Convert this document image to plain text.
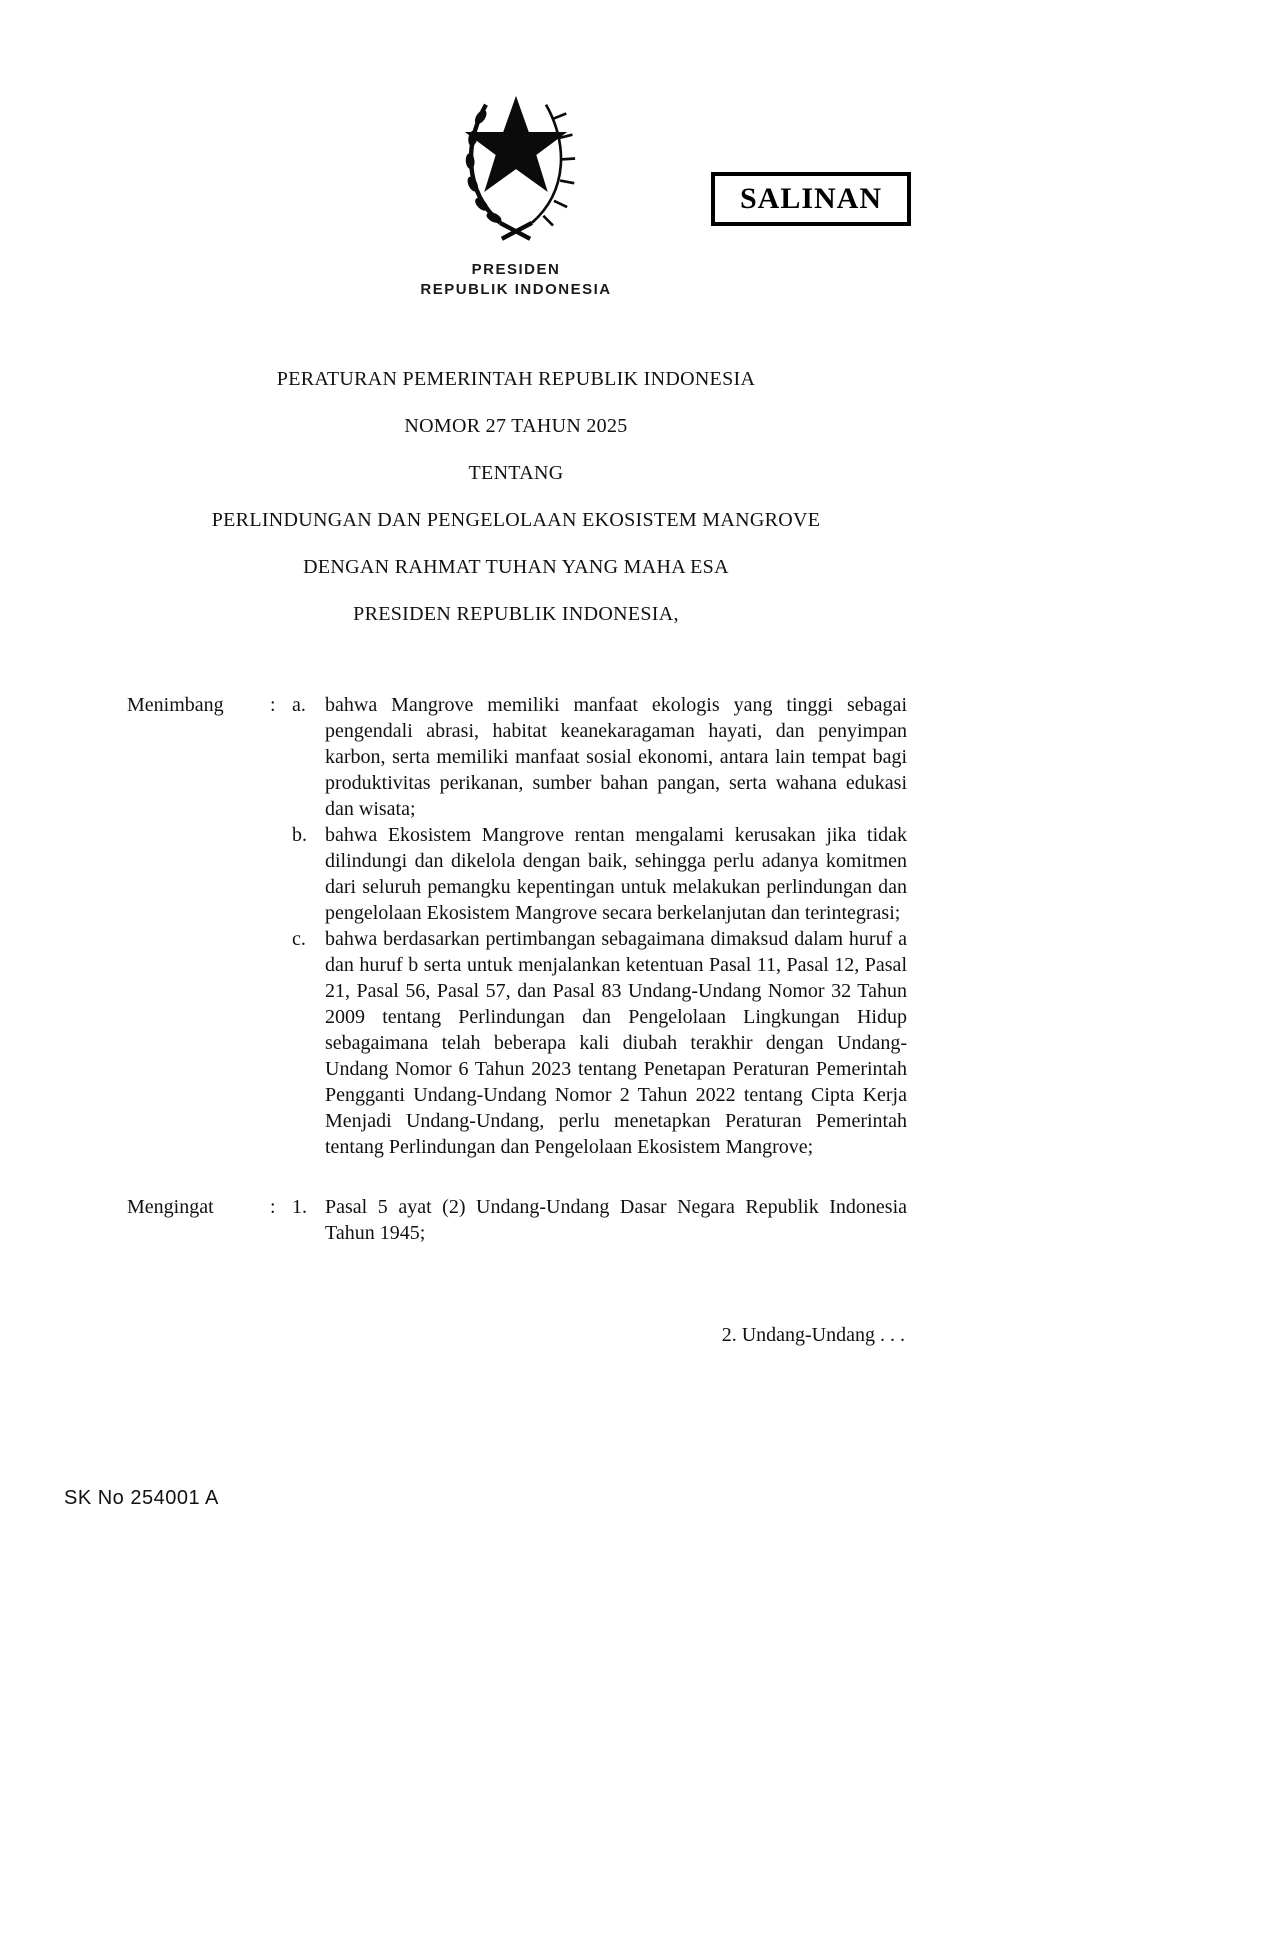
SALINAN
PRESIDEN
REPUBLIK INDONESIA
PERATURAN PEMERINTAH REPUBLIK INDONESIA
NOMOR 27 TAHUN 2025
TENTANG
PERLINDUNGAN DAN PENGELOLAAN EKOSISTEM MANGROVE
DENGAN RAHMAT TUHAN YANG MAHA ESA
PRESIDEN REPUBLIK INDONESIA,
Menimbang	: a. bahwa Mangrove memiliki manfaat ekologis yang tinggi sebagai pengendali abrasi, habitat keanekaragaman hayati, dan penyimpan karbon, serta memiliki manfaat sosial ekonomi, antara lain tempat bagi produktivitas perikanan, sumber bahan pangan, serta wahana edukasi dan wisata;
b. bahwa Ekosistem Mangrove rentan mengalami kerusakan jika tidak dilindungi dan dikelola dengan baik, sehingga perlu adanya komitmen dari seluruh pemangku kepentingan untuk melakukan perlindungan dan pengelolaan Ekosistem Mangrove secara berkelanjutan dan terintegrasi;
c. bahwa berdasarkan pertimbangan sebagaimana dimaksud dalam huruf a dan huruf b serta untuk menjalankan ketentuan Pasal 11, Pasal 12, Pasal 21, Pasal 56, Pasal 57, dan Pasal 83 Undang-Undang Nomor 32 Tahun 2009 tentang Perlindungan dan Pengelolaan Lingkungan Hidup sebagaimana telah beberapa kali diubah terakhir dengan Undang-Undang Nomor 6 Tahun 2023 tentang Penetapan Peraturan Pemerintah Pengganti Undang-Undang Nomor 2 Tahun 2022 tentang Cipta Kerja Menjadi Undang-Undang, perlu menetapkan Peraturan Pemerintah tentang Perlindungan dan Pengelolaan Ekosistem Mangrove;
Mengingat	: 1. Pasal 5 ayat (2) Undang-Undang Dasar Negara Republik Indonesia Tahun 1945;
2. Undang-Undang . . .
SK No 254001 A
